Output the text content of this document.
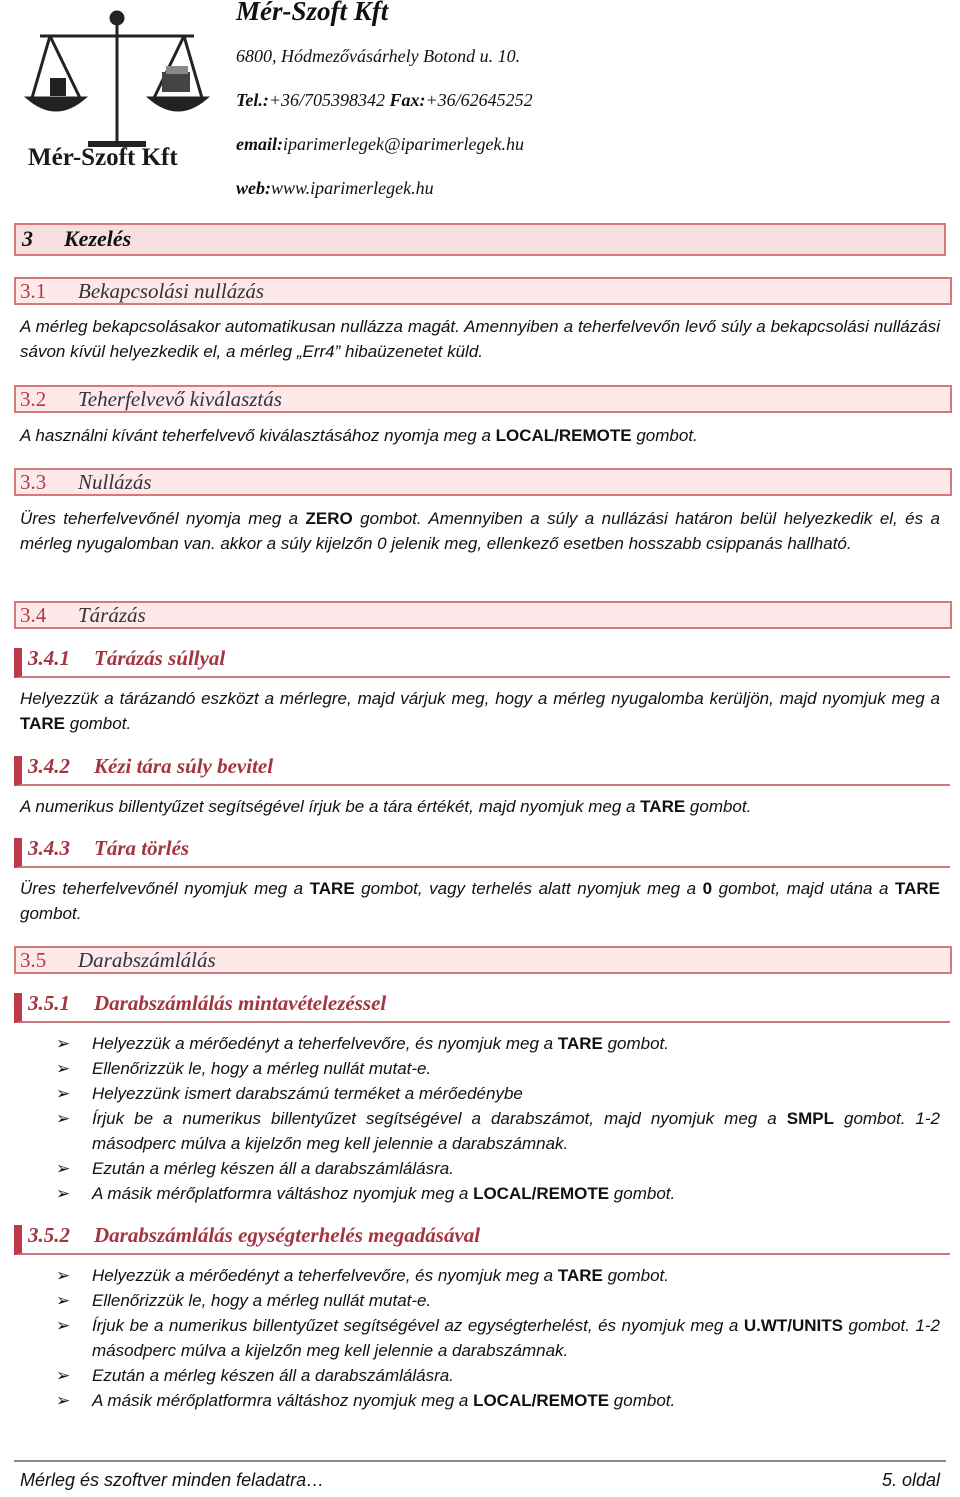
Mér-Szoft Kft
Mér-Szoft Kft
6800, Hódmezővásárhely Botond u. 10.
Tel.:+36/705398342 Fax:+36/62645252
email:iparimerlegek@iparimerlegek.hu
web:www.iparimerlegek.hu
3 Kezelés
3.1 Bekapcsolási nullázás
A mérleg bekapcsolásakor automatikusan nullázza magát. Amennyiben a teherfelvevőn levő súly a bekapcsolási nullázási sávon kívül helyezkedik el, a mérleg „Err4” hibaüzenetet küld.
3.2 Teherfelvevő kiválasztás
A használni kívánt teherfelvevő kiválasztásához nyomja meg a LOCAL/REMOTE gombot.
3.3 Nullázás
Üres teherfelvevőnél nyomja meg a ZERO gombot. Amennyiben a súly a nullázási határon belül helyezkedik el, és a mérleg nyugalomban van. akkor a súly kijelzőn 0 jelenik meg, ellenkező esetben hosszabb csippanás hallható.
3.4 Tárázás
3.4.1 Tárázás súllyal
Helyezzük a tárázandó eszközt a mérlegre, majd várjuk meg, hogy a mérleg nyugalomba kerüljön, majd nyomjuk meg a TARE gombot.
3.4.2 Kézi tára súly bevitel
A numerikus billentyűzet segítségével írjuk be a tára értékét, majd nyomjuk meg a TARE gombot.
3.4.3 Tára törlés
Üres teherfelvevőnél nyomjuk meg a TARE gombot, vagy terhelés alatt nyomjuk meg a 0 gombot, majd utána a TARE gombot.
3.5 Darabszámlálás
3.5.1 Darabszámlálás mintavételezéssel
➢ Helyezzük a mérőedényt a teherfelvevőre, és nyomjuk meg a TARE gombot.
➢ Ellenőrizzük le, hogy a mérleg nullát mutat-e.
➢ Helyezzünk ismert darabszámú terméket a mérőedénybe
➢ Írjuk be a numerikus billentyűzet segítségével a darabszámot, majd nyomjuk meg a SMPL gombot. 1-2 másodperc múlva a kijelzőn meg kell jelennie a darabszámnak.
➢ Ezután a mérleg készen áll a darabszámlálásra.
➢ A másik mérőplatformra váltáshoz nyomjuk meg a LOCAL/REMOTE gombot.
3.5.2 Darabszámlálás egységterhelés megadásával
➢ Helyezzük a mérőedényt a teherfelvevőre, és nyomjuk meg a TARE gombot.
➢ Ellenőrizzük le, hogy a mérleg nullát mutat-e.
➢ Írjuk be a numerikus billentyűzet segítségével az egységterhelést, és nyomjuk meg a U.WT/UNITS gombot. 1-2 másodperc múlva a kijelzőn meg kell jelennie a darabszámnak.
➢ Ezután a mérleg készen áll a darabszámlálásra.
➢ A másik mérőplatformra váltáshoz nyomjuk meg a LOCAL/REMOTE gombot.
Mérleg és szoftver minden feladatra…	5. oldal
